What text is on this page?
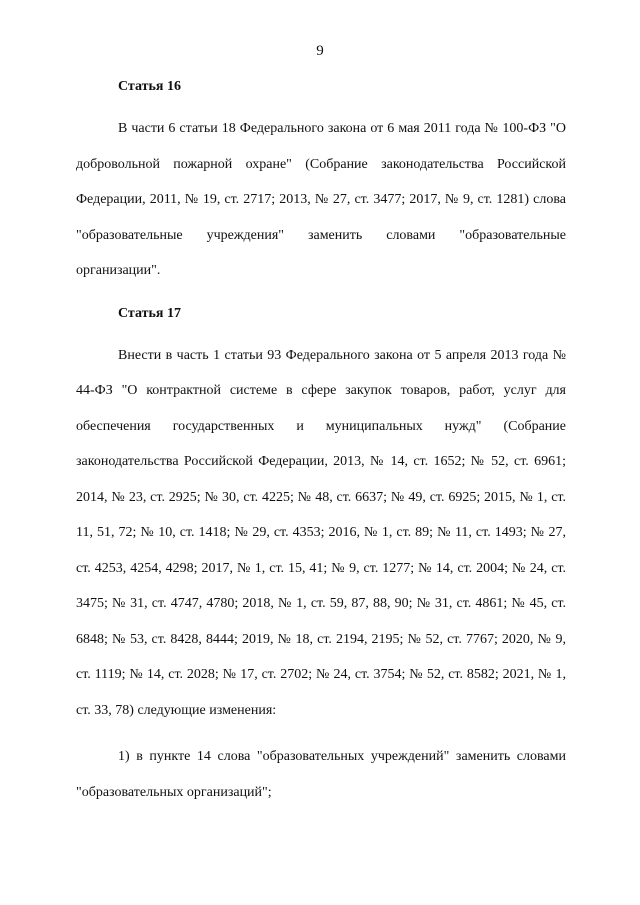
9
Статья 16

В части 6 статьи 18 Федерального закона от 6 мая 2011 года № 100-ФЗ "О добровольной пожарной охране" (Собрание законодательства Российской Федерации, 2011, № 19, ст. 2717; 2013, № 27, ст. 3477; 2017, № 9, ст. 1281) слова "образовательные учреждения" заменить словами "образовательные организации".

Статья 17

Внести в часть 1 статьи 93 Федерального закона от 5 апреля 2013 года № 44-ФЗ "О контрактной системе в сфере закупок товаров, работ, услуг для обеспечения государственных и муниципальных нужд" (Собрание законодательства Российской Федерации, 2013, № 14, ст. 1652; № 52, ст. 6961; 2014, № 23, ст. 2925; № 30, ст. 4225; № 48, ст. 6637; № 49, ст. 6925; 2015, № 1, ст. 11, 51, 72; № 10, ст. 1418; № 29, ст. 4353; 2016, № 1, ст. 89; № 11, ст. 1493; № 27, ст. 4253, 4254, 4298; 2017, № 1, ст. 15, 41; № 9, ст. 1277; № 14, ст. 2004; № 24, ст. 3475; № 31, ст. 4747, 4780; 2018, № 1, ст. 59, 87, 88, 90; № 31, ст. 4861; № 45, ст. 6848; № 53, ст. 8428, 8444; 2019, № 18, ст. 2194, 2195; № 52, ст. 7767; 2020, № 9, ст. 1119; № 14, ст. 2028; № 17, ст. 2702; № 24, ст. 3754; № 52, ст. 8582; 2021, № 1, ст. 33, 78) следующие изменения:

1) в пункте 14 слова "образовательных учреждений" заменить словами "образовательных организаций";
